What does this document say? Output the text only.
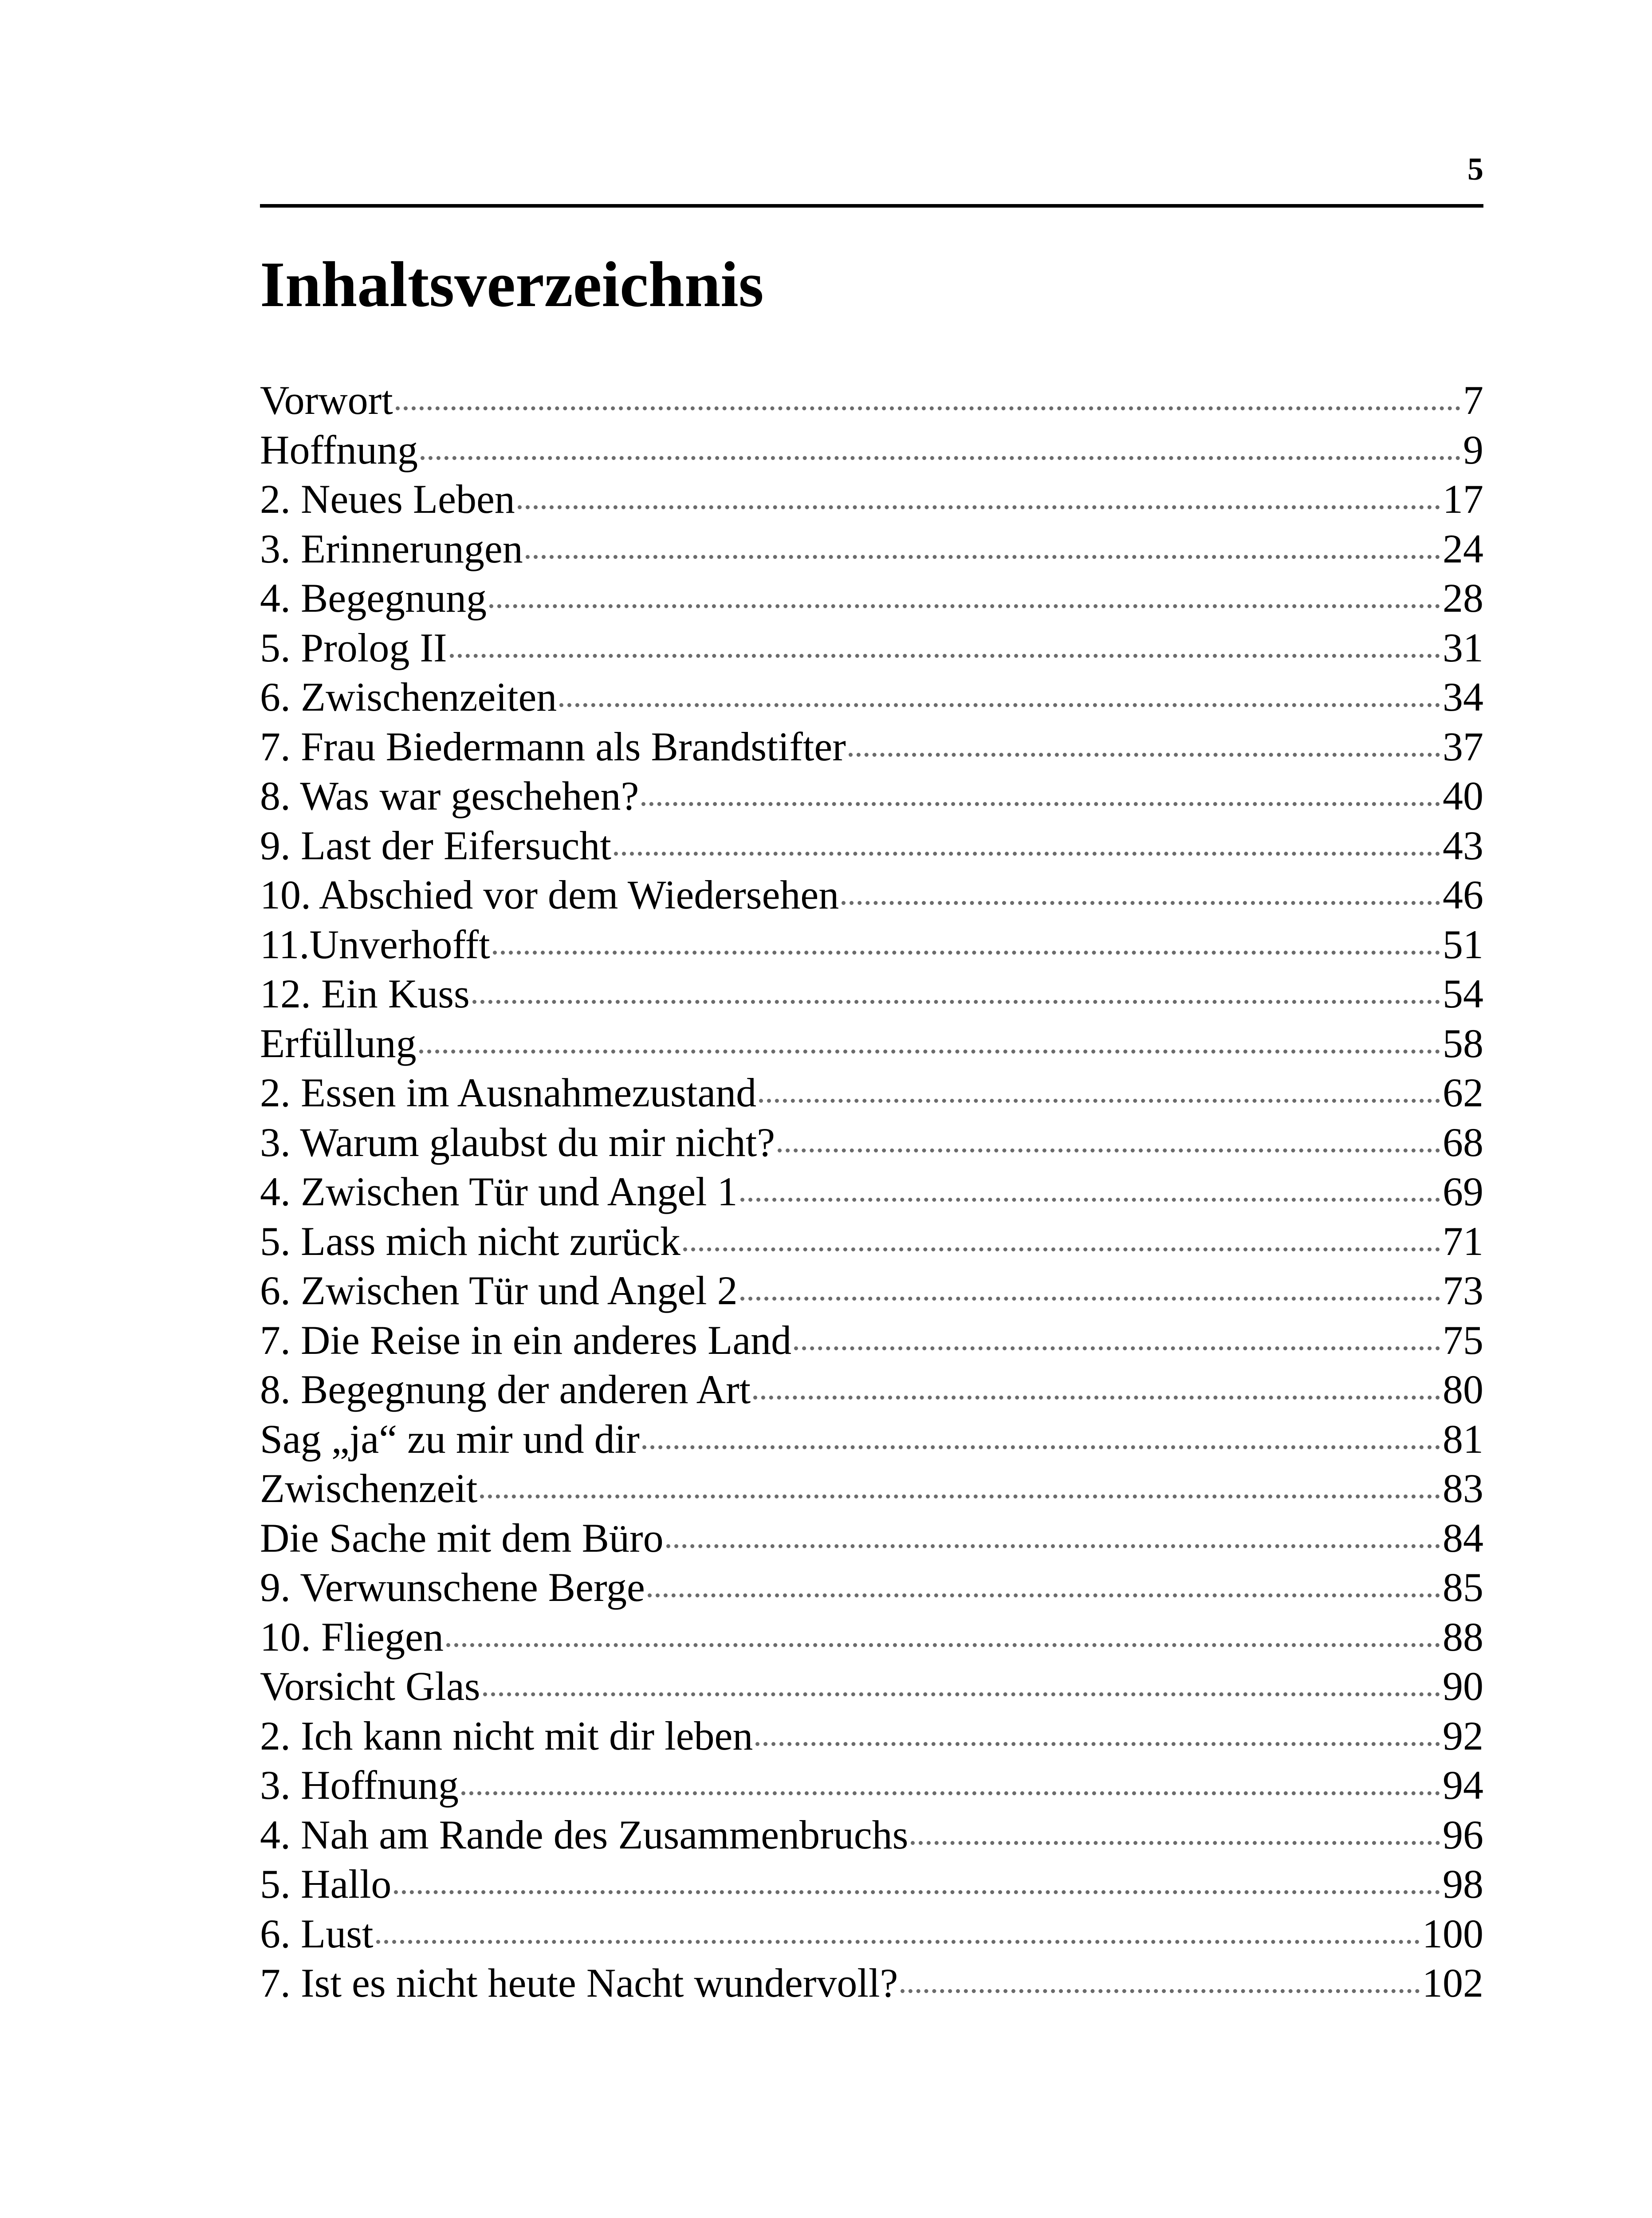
5
Inhaltsverzeichnis
Vorwort	7
Hoffnung	9
2. Neues Leben	17
3. Erinnerungen	24
4. Begegnung	28
5. Prolog II	31
6. Zwischenzeiten	34
7. Frau Biedermann als Brandstifter	37
8. Was war geschehen?	40
9. Last der Eifersucht	43
10. Abschied vor dem Wiedersehen	46
11.Unverhofft	51
12. Ein Kuss	54
Erfüllung	58
2. Essen im Ausnahmezustand	62
3. Warum glaubst du mir nicht?	68
4. Zwischen Tür und Angel 1	69
5. Lass mich nicht zurück	71
6. Zwischen Tür und Angel 2	73
7. Die Reise in ein anderes Land	75
8. Begegnung der anderen Art	80
Sag „ja“ zu mir und dir	81
Zwischenzeit	83
Die Sache mit dem Büro	84
9. Verwunschene Berge	85
10. Fliegen	88
Vorsicht Glas	90
2. Ich kann nicht mit dir leben	92
3. Hoffnung	94
4. Nah am Rande des Zusammenbruchs	96
5. Hallo	98
6. Lust	100
7. Ist es nicht heute Nacht wundervoll?	102
